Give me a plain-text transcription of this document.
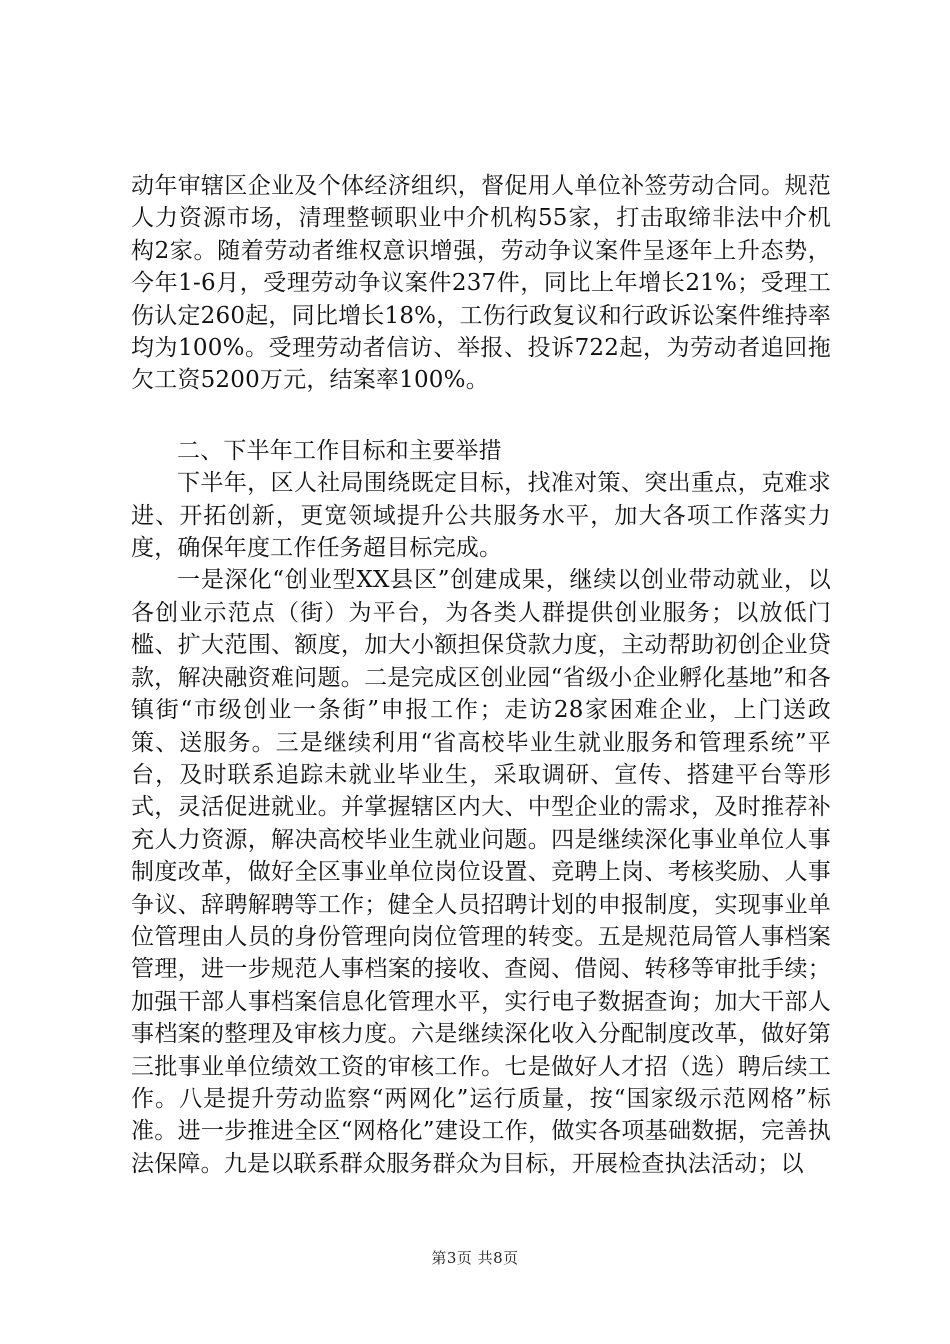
动年审辖区企业及个体经济组织，督促用人单位补签劳动合同。规范人力资源市场，清理整顿职业中介机构55家，打击取缔非法中介机构2家。随着劳动者维权意识增强，劳动争议案件呈逐年上升态势，今年1-6月，受理劳动争议案件237件，同比上年增长21%；受理工伤认定260起，同比增长18%，工伤行政复议和行政诉讼案件维持率均为100%。受理劳动者信访、举报、投诉722起，为劳动者追回拖欠工资5200万元，结案率100%。

二、下半年工作目标和主要举措

下半年，区人社局围绕既定目标，找准对策、突出重点，克难求进、开拓创新，更宽领域提升公共服务水平，加大各项工作落实力度，确保年度工作任务超目标完成。

一是深化“创业型XX县区”创建成果，继续以创业带动就业，以各创业示范点（街）为平台，为各类人群提供创业服务；以放低门槛、扩大范围、额度，加大小额担保贷款力度，主动帮助初创企业贷款，解决融资难问题。二是完成区创业园“省级小企业孵化基地”和各镇街“市级创业一条街”申报工作；走访28家困难企业，上门送政策、送服务。三是继续利用“省高校毕业生就业服务和管理系统”平台，及时联系追踪未就业毕业生，采取调研、宣传、搭建平台等形式，灵活促进就业。并掌握辖区内大、中型企业的需求，及时推荐补充人力资源，解决高校毕业生就业问题。四是继续深化事业单位人事制度改革，做好全区事业单位岗位设置、竞聘上岗、考核奖励、人事争议、辞聘解聘等工作；健全人员招聘计划的申报制度，实现事业单位管理由人员的身份管理向岗位管理的转变。五是规范局管人事档案管理，进一步规范人事档案的接收、查阅、借阅、转移等审批手续；加强干部人事档案信息化管理水平，实行电子数据查询；加大干部人事档案的整理及审核力度。六是继续深化收入分配制度改革，做好第三批事业单位绩效工资的审核工作。七是做好人才招（选）聘后续工作。八是提升劳动监察“两网化”运行质量，按“国家级示范网格”标准。进一步推进全区“网格化”建设工作，做实各项基础数据，完善执法保障。九是以联系群众服务群众为目标，开展检查执法活动；以

第3页 共8页
